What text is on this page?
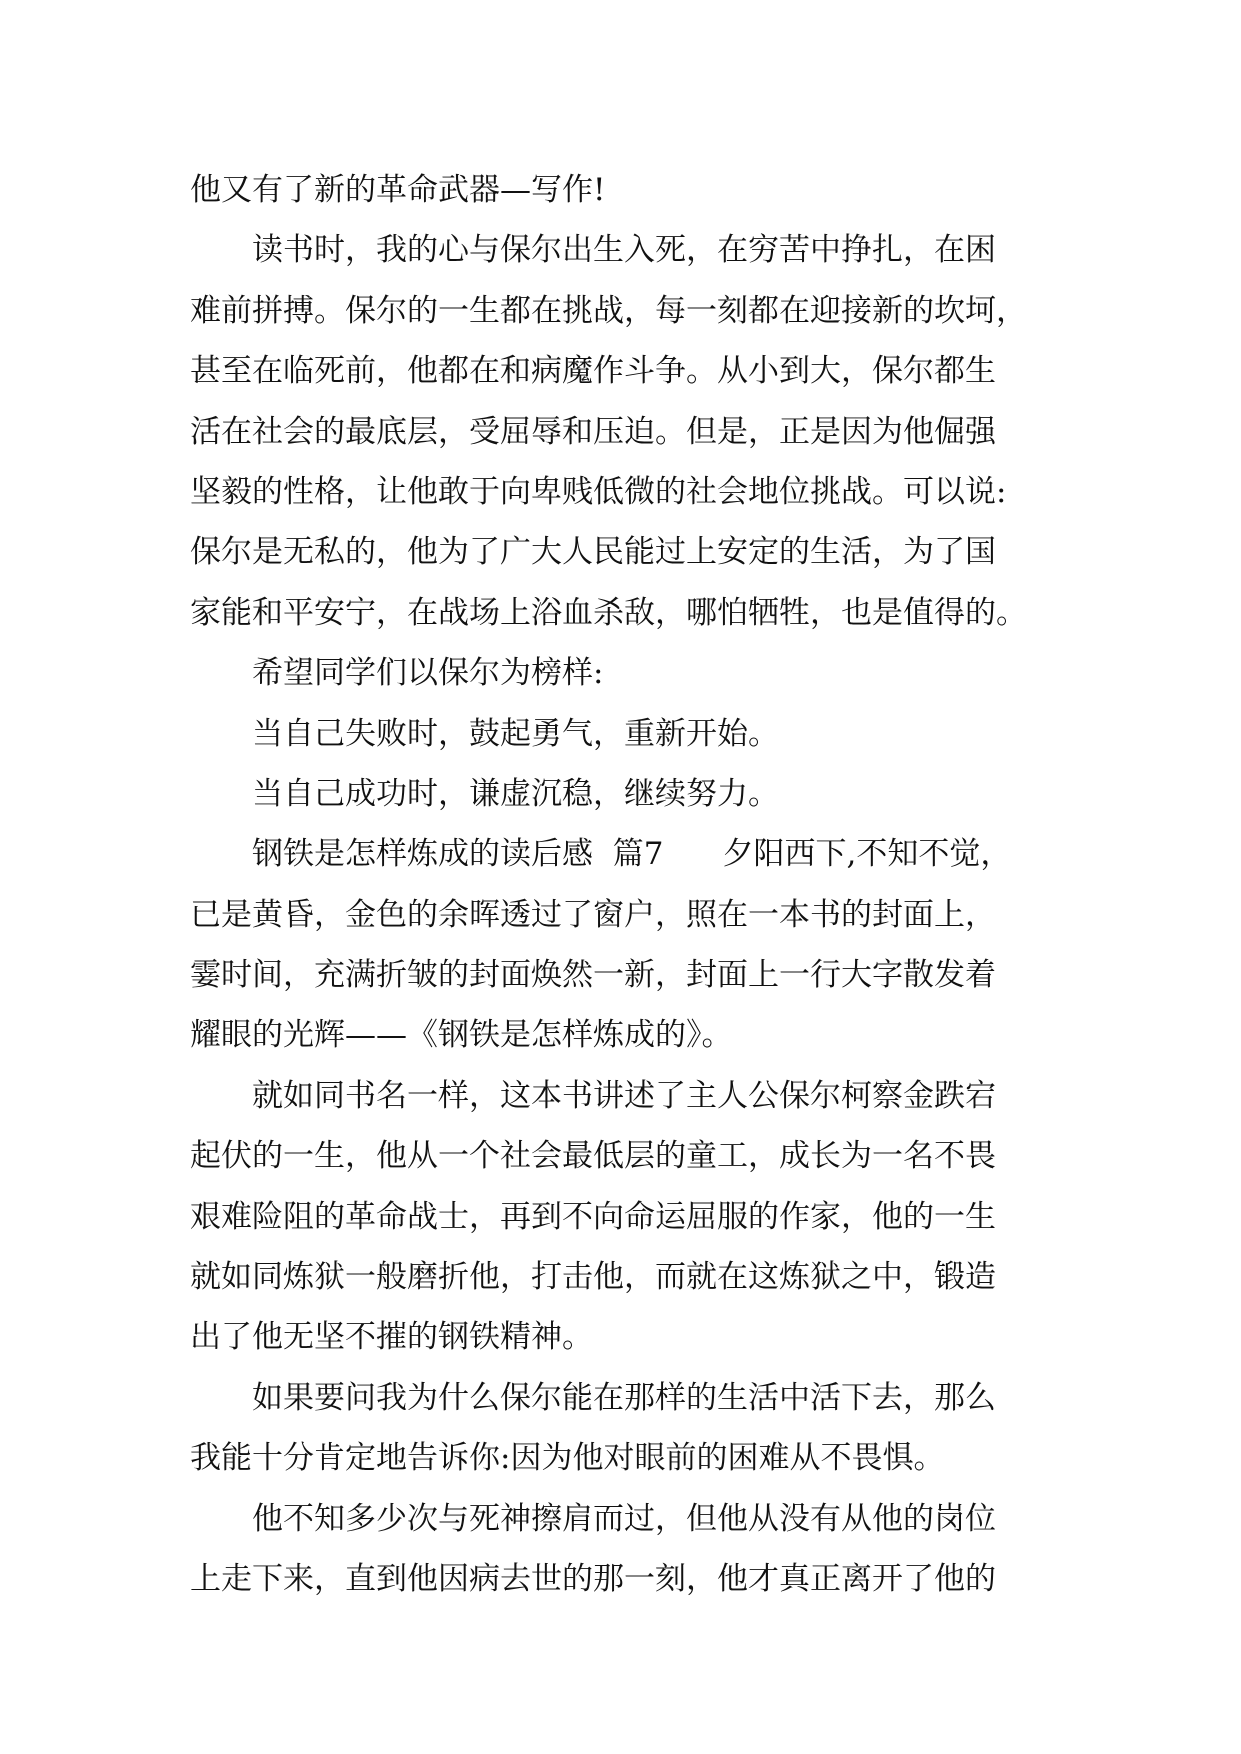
他又有了新的革命武器—写作!
读书时，我的心与保尔出生入死，在穷苦中挣扎，在困
难前拼搏。保尔的一生都在挑战，每一刻都在迎接新的坎坷，
甚至在临死前，他都在和病魔作斗争。从小到大，保尔都生
活在社会的最底层，受屈辱和压迫。但是，正是因为他倔强
坚毅的性格，让他敢于向卑贱低微的社会地位挑战。可以说:
保尔是无私的，他为了广大人民能过上安定的生活，为了国
家能和平安宁，在战场上浴血杀敌，哪怕牺牲，也是值得的。
希望同学们以保尔为榜样:
当自己失败时，鼓起勇气，重新开始。
当自己成功时，谦虚沉稳，继续努力。
钢铁是怎样炼成的读后感  篇7      夕阳西下,不知不觉，
已是黄昏，金色的余晖透过了窗户，照在一本书的封面上，
霎时间，充满折皱的封面焕然一新，封面上一行大字散发着
耀眼的光辉——《钢铁是怎样炼成的》。
就如同书名一样，这本书讲述了主人公保尔柯察金跌宕
起伏的一生，他从一个社会最低层的童工，成长为一名不畏
艰难险阻的革命战士，再到不向命运屈服的作家，他的一生
就如同炼狱一般磨折他，打击他，而就在这炼狱之中，锻造
出了他无坚不摧的钢铁精神。
如果要问我为什么保尔能在那样的生活中活下去，那么
我能十分肯定地告诉你:因为他对眼前的困难从不畏惧。
他不知多少次与死神擦肩而过，但他从没有从他的岗位
上走下来，直到他因病去世的那一刻，他才真正离开了他的
